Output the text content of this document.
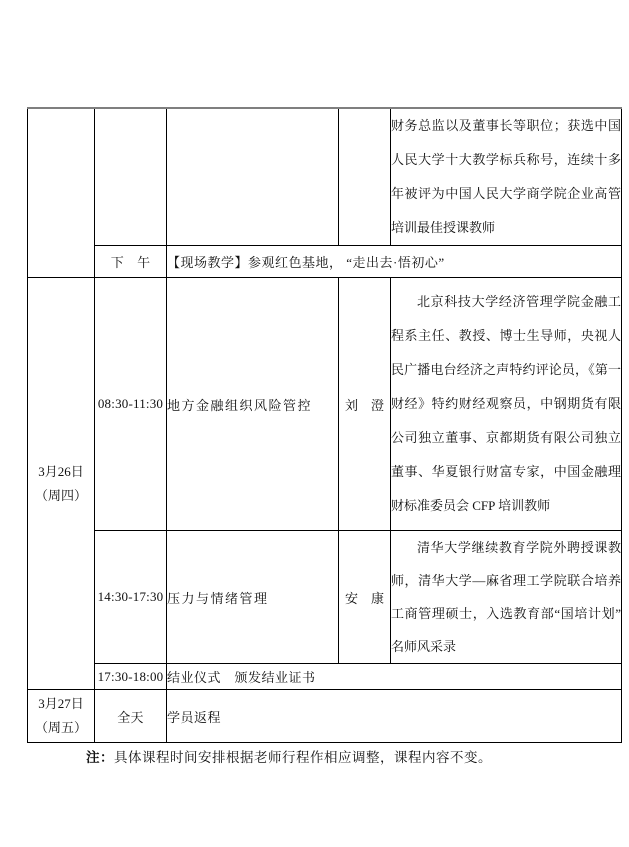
				财务总监以及董事长等职位；获选中国人民大学十大教学标兵称号，连续十多年被评为中国人民大学商学院企业高管培训最佳授课教师

	下　午	【现场教学】参观红色基地， “走出去·悟初心”		

3月26日
（周四）	08:30-11:30	地方金融组织风险管控	刘　澄	北京科技大学经济管理学院金融工程系主任、教授、博士生导师，央视人民广播电台经济之声特约评论员，《第一财经》特约财经观察员，中钢期货有限公司独立董事、京都期货有限公司独立董事、华夏银行财富专家，中国金融理财标准委员会 CFP 培训教师

	14:30-17:30	压力与情绪管理	安　康	清华大学继续教育学院外聘授课教师，清华大学—麻省理工学院联合培养工商管理硕士，入选教育部“国培计划”名师风采录

	17:30-18:00	结业仪式　颁发结业证书		

3月27日
（周五）	全天	学员返程		
注：具体课程时间安排根据老师行程作相应调整，课程内容不变。
